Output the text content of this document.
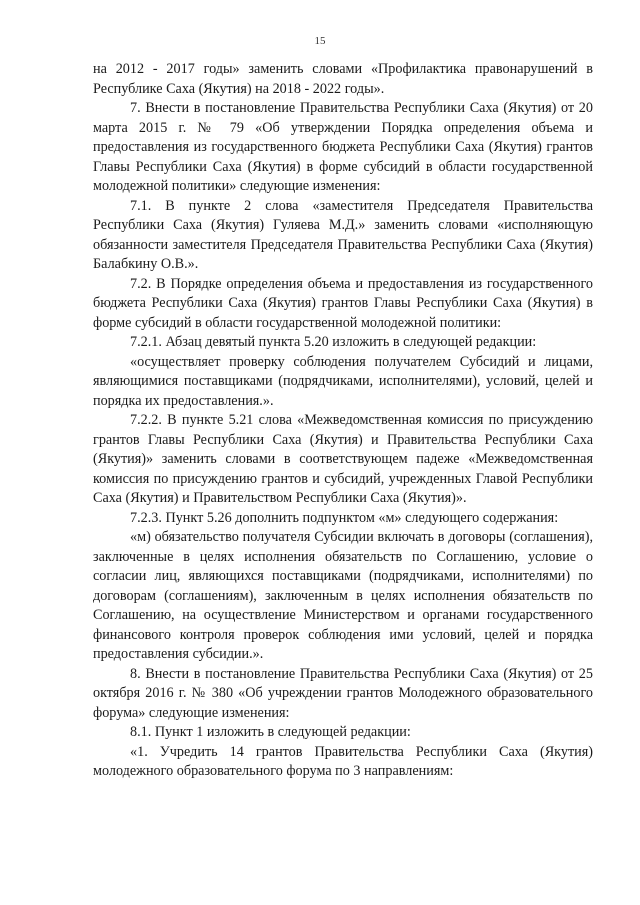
15

на 2012 - 2017 годы» заменить словами «Профилактика правонарушений в Республике Саха (Якутия) на 2018 - 2022 годы».

7. Внести в постановление Правительства Республики Саха (Якутия) от 20 марта 2015 г. № 79 «Об утверждении Порядка определения объема и предоставления из государственного бюджета Республики Саха (Якутия) грантов Главы Республики Саха (Якутия) в форме субсидий в области государственной молодежной политики» следующие изменения:

7.1. В пункте 2 слова «заместителя Председателя Правительства Республики Саха (Якутия) Гуляева М.Д.» заменить словами «исполняющую обязанности заместителя Председателя Правительства Республики Саха (Якутия) Балабкину О.В.».

7.2. В Порядке определения объема и предоставления из государственного бюджета Республики Саха (Якутия) грантов Главы Республики Саха (Якутия) в форме субсидий в области государственной молодежной политики:

7.2.1. Абзац девятый пункта 5.20 изложить в следующей редакции:

«осуществляет проверку соблюдения получателем Субсидий и лицами, являющимися поставщиками (подрядчиками, исполнителями), условий, целей и порядка их предоставления.».

7.2.2. В пункте 5.21 слова «Межведомственная комиссия по присуждению грантов Главы Республики Саха (Якутия) и Правительства Республики Саха (Якутия)» заменить словами в соответствующем падеже «Межведомственная комиссия по присуждению грантов и субсидий, учрежденных Главой Республики Саха (Якутия) и Правительством Республики Саха (Якутия)».

7.2.3. Пункт 5.26 дополнить подпунктом «м» следующего содержания:

«м) обязательство получателя Субсидии включать в договоры (соглашения), заключенные в целях исполнения обязательств по Соглашению, условие о согласии лиц, являющихся поставщиками (подрядчиками, исполнителями) по договорам (соглашениям), заключенным в целях исполнения обязательств по Соглашению, на осуществление Министерством и органами государственного финансового контроля проверок соблюдения ими условий, целей и порядка предоставления субсидии.».

8. Внести в постановление Правительства Республики Саха (Якутия) от 25 октября 2016 г. № 380 «Об учреждении грантов Молодежного образовательного форума» следующие изменения:

8.1. Пункт 1 изложить в следующей редакции:

«1. Учредить 14 грантов Правительства Республики Саха (Якутия) молодежного образовательного форума по 3 направлениям:
